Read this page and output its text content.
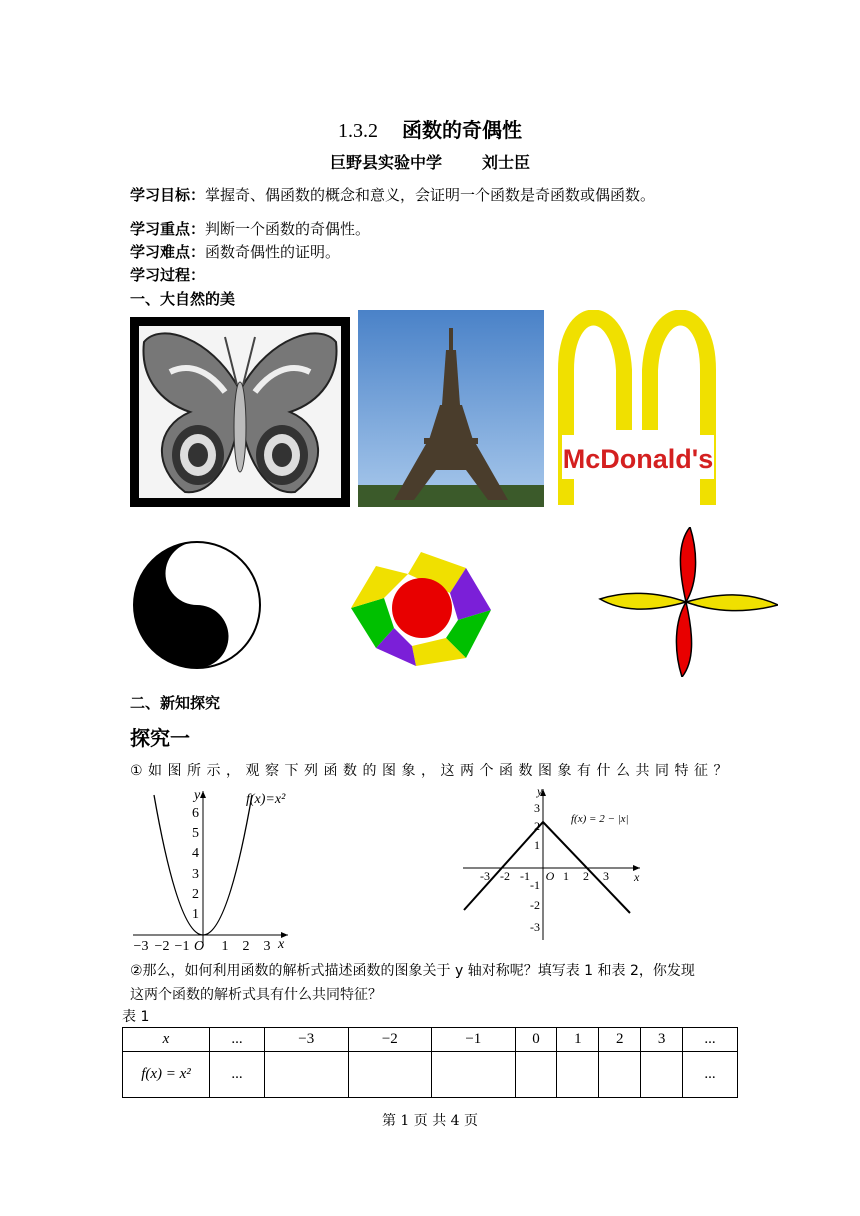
1.3.2 函数的奇偶性
巨野县实验中学	刘士臣
学习目标：掌握奇、偶函数的概念和意义，会证明一个函数是奇函数或偶函数。
学习重点：判断一个函数的奇偶性。
学习难点：函数奇偶性的证明。
学习过程：
一、大自然的美
McDonald's
二、新知探究
探究一
①如图所示，观察下列函数的图象，这两个函数图象有什么共同特征？
y
x
f(x)=x²
1
2
3
4
5
6
−3 −2 −1 O 1 2 3
y
x
f(x) = 2 − |x|
3
2
1
-1
-2
-3
-3 -2 -1 O 1 2 3
②那么，如何利用函数的解析式描述函数的图象关于 y 轴对称呢？填写表 1 和表 2，你发现
这两个函数的解析式具有什么共同特征？
表 1
x	...	−3	−2	−1	0	1	2	3	...
f(x) = x²	...								...
第 1 页 共 4 页
